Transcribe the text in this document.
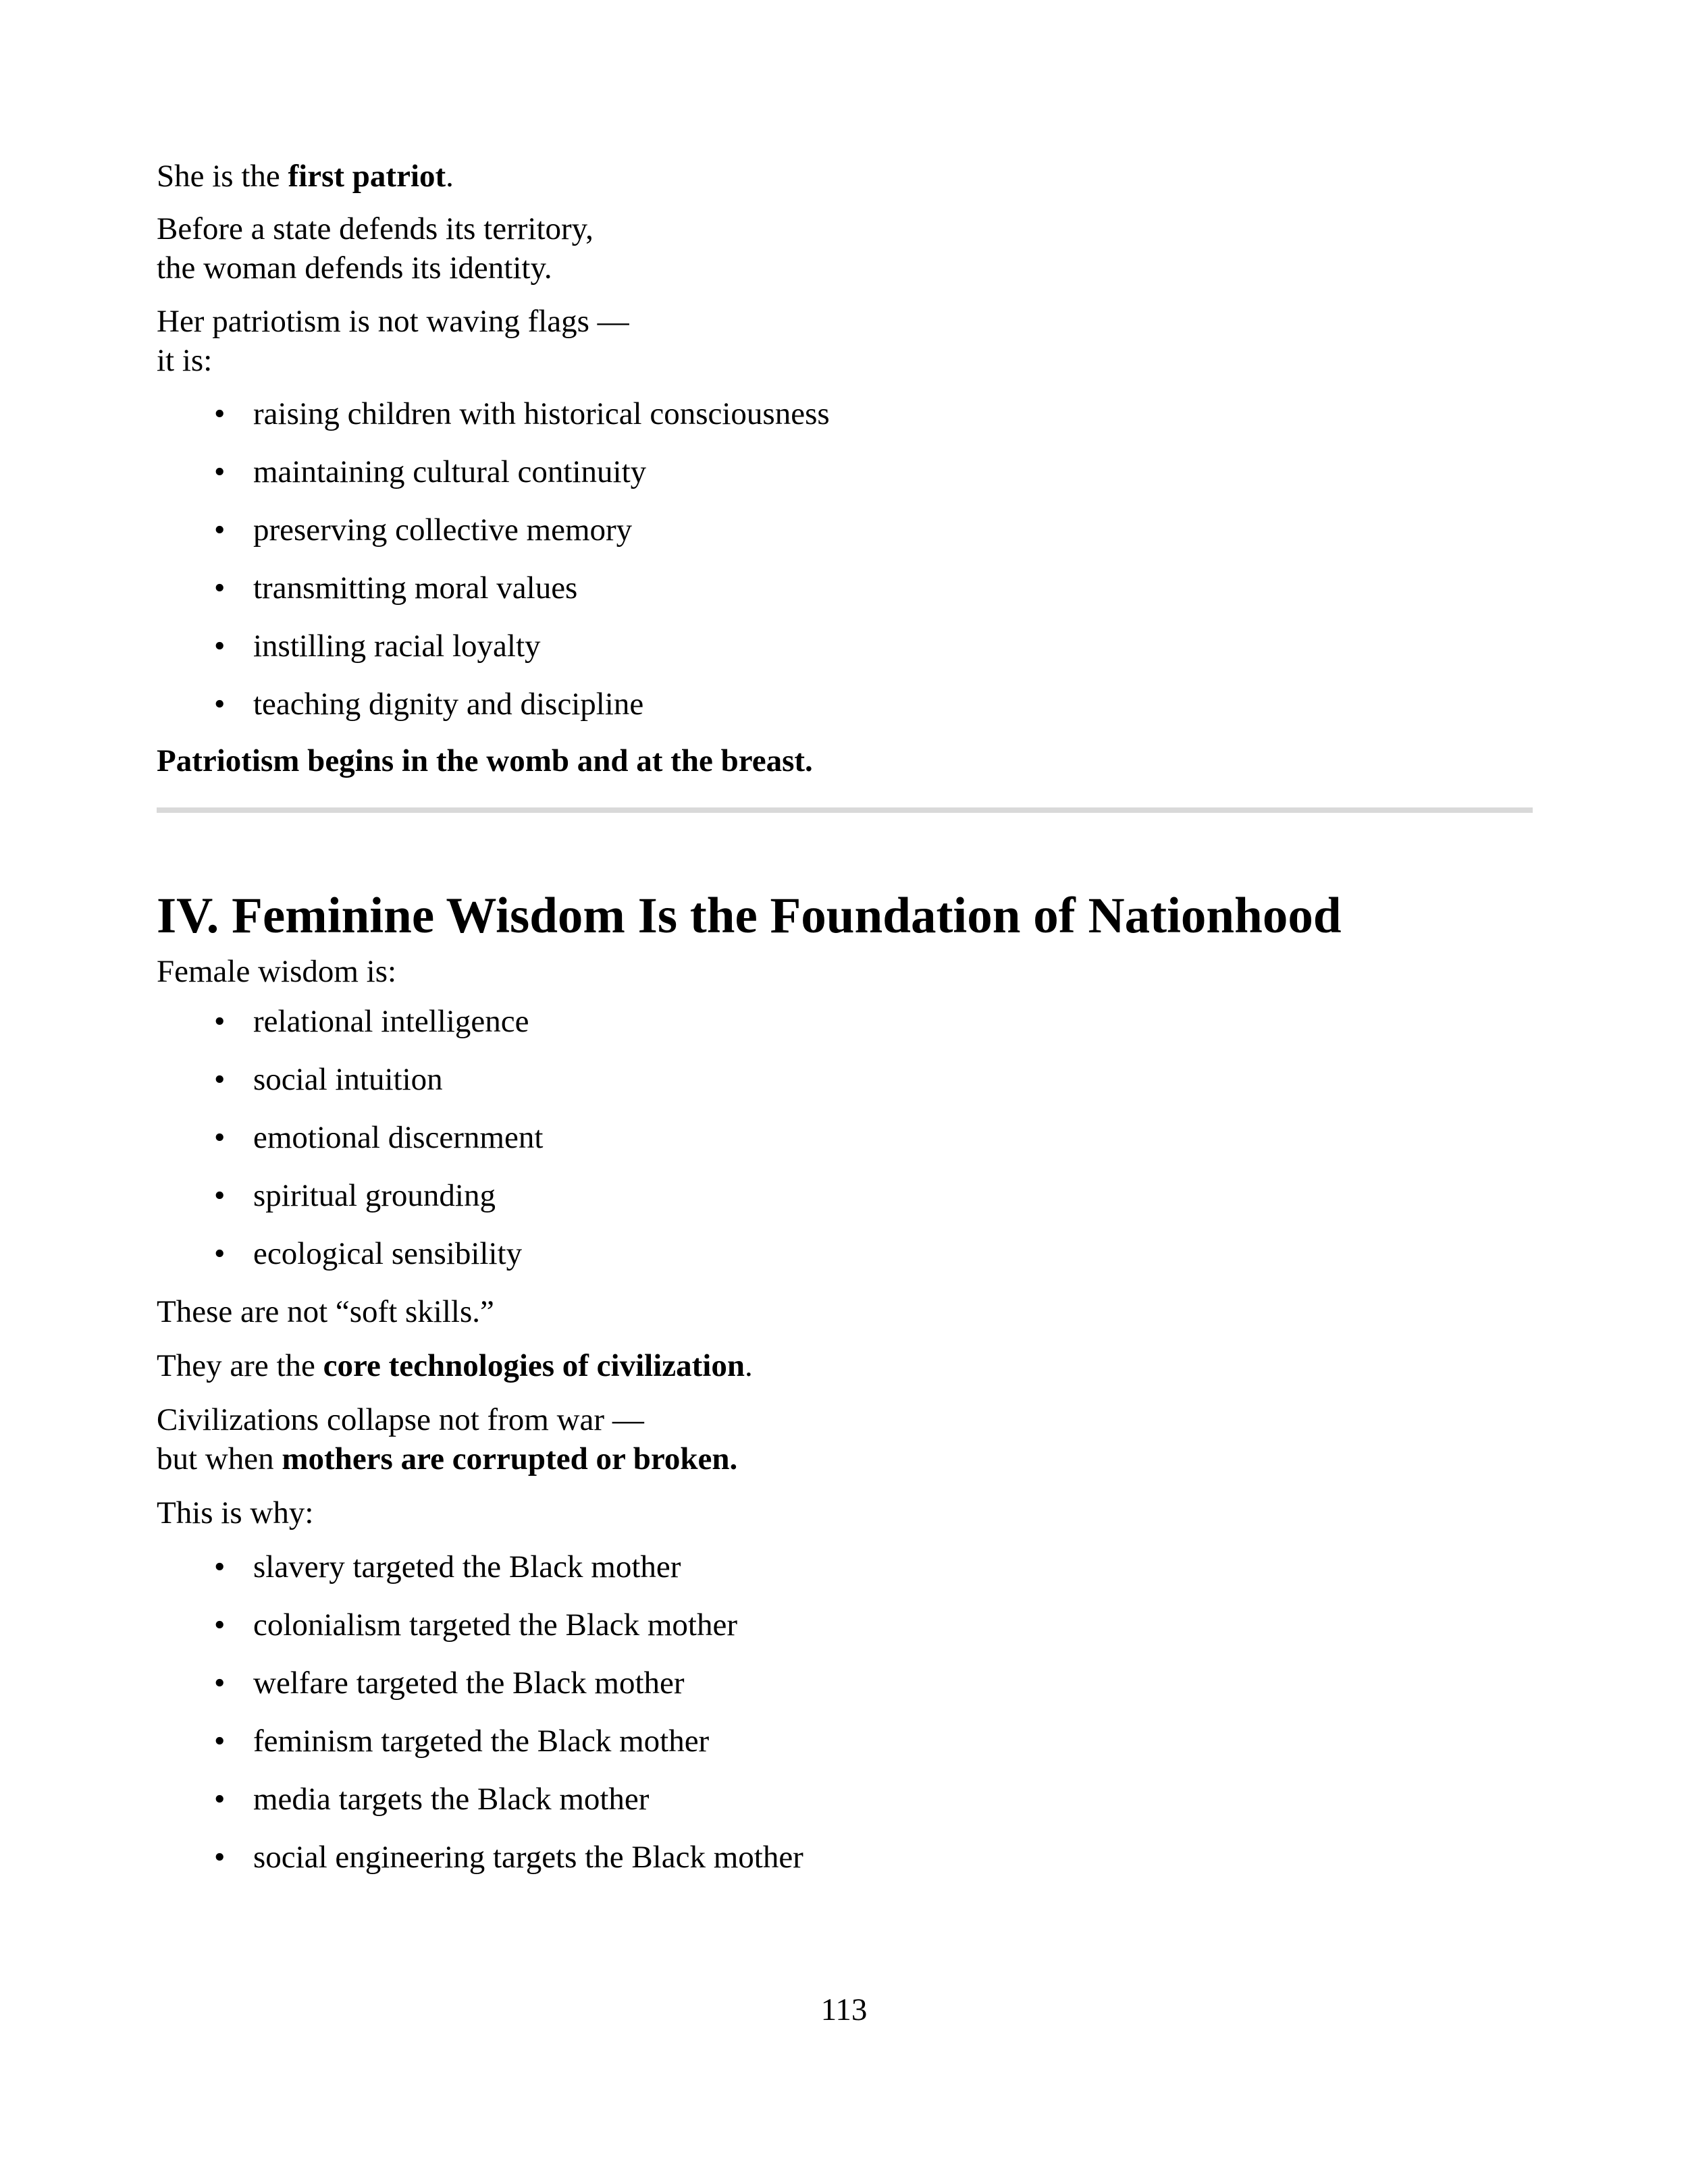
She is the first patriot.

Before a state defends its territory,
the woman defends its identity.

Her patriotism is not waving flags —
it is:

• raising children with historical consciousness
• maintaining cultural continuity
• preserving collective memory
• transmitting moral values
• instilling racial loyalty
• teaching dignity and discipline

Patriotism begins in the womb and at the breast.

IV. Feminine Wisdom Is the Foundation of Nationhood

Female wisdom is:

• relational intelligence
• social intuition
• emotional discernment
• spiritual grounding
• ecological sensibility

These are not “soft skills.”

They are the core technologies of civilization.

Civilizations collapse not from war —
but when mothers are corrupted or broken.

This is why:

• slavery targeted the Black mother
• colonialism targeted the Black mother
• welfare targeted the Black mother
• feminism targeted the Black mother
• media targets the Black mother
• social engineering targets the Black mother
113
